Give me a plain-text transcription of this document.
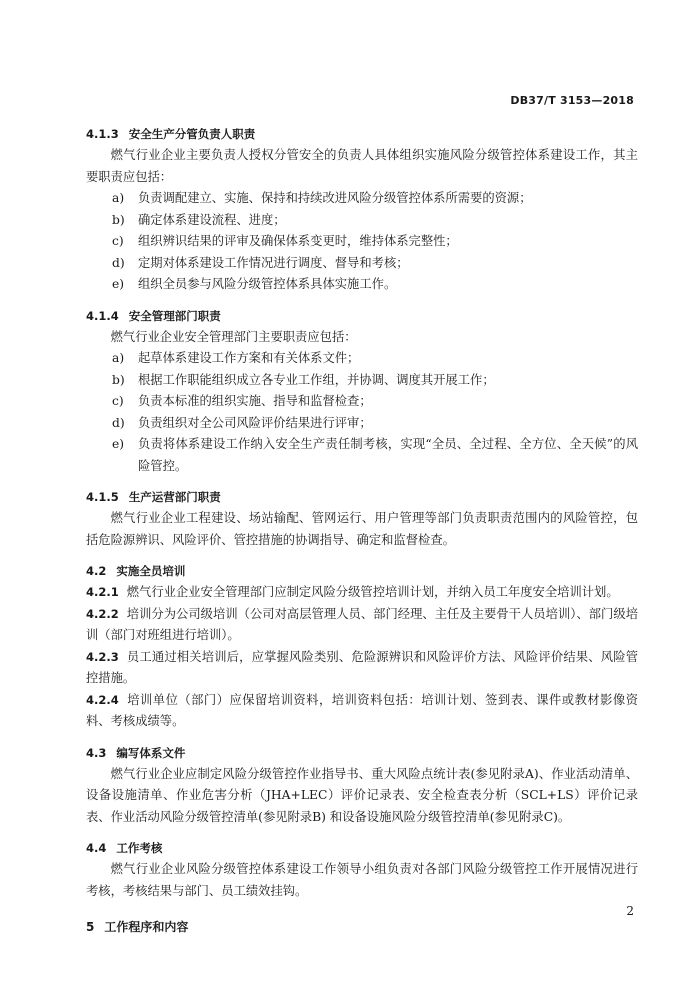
DB37/T 3153—2018
4.1.3 安全生产分管负责人职责

燃气行业企业主要负责人授权分管安全的负责人具体组织实施风险分级管控体系建设工作，其主要职责应包括：

a)	负责调配建立、实施、保持和持续改进风险分级管控体系所需要的资源；
b)	确定体系建设流程、进度；
c)	组织辨识结果的评审及确保体系变更时，维持体系完整性；
d)	定期对体系建设工作情况进行调度、督导和考核；
e)	组织全员参与风险分级管控体系具体实施工作。
4.1.4 安全管理部门职责

燃气行业企业安全管理部门主要职责应包括：

a)	起草体系建设工作方案和有关体系文件；
b)	根据工作职能组织成立各专业工作组，并协调、调度其开展工作；
c)	负责本标准的组织实施、指导和监督检查；
d)	负责组织对全公司风险评价结果进行评审；
e)	负责将体系建设工作纳入安全生产责任制考核，实现“全员、全过程、全方位、全天候”的风险管控。
4.1.5 生产运营部门职责

燃气行业企业工程建设、场站输配、管网运行、用户管理等部门负责职责范围内的风险管控，包括危险源辨识、风险评价、管控措施的协调指导、确定和监督检查。

4.2 实施全员培训

4.2.1 燃气行业企业安全管理部门应制定风险分级管控培训计划，并纳入员工年度安全培训计划。

4.2.2 培训分为公司级培训（公司对高层管理人员、部门经理、主任及主要骨干人员培训）、部门级培训（部门对班组进行培训）。

4.2.3 员工通过相关培训后，应掌握风险类别、危险源辨识和风险评价方法、风险评价结果、风险管控措施。

4.2.4 培训单位（部门）应保留培训资料，培训资料包括：培训计划、签到表、课件或教材影像资料、考核成绩等。

4.3 编写体系文件

燃气行业企业应制定风险分级管控作业指导书、重大风险点统计表(参见附录A)、作业活动清单、设备设施清单、作业危害分析（JHA+LEC）评价记录表、安全检查表分析（SCL+LS）评价记录表、作业活动风险分级管控清单(参见附录B) 和设备设施风险分级管控清单(参见附录C)。

4.4 工作考核

燃气行业企业风险分级管控体系建设工作领导小组负责对各部门风险分级管控工作开展情况进行考核，考核结果与部门、员工绩效挂钩。

5 工作程序和内容
2
